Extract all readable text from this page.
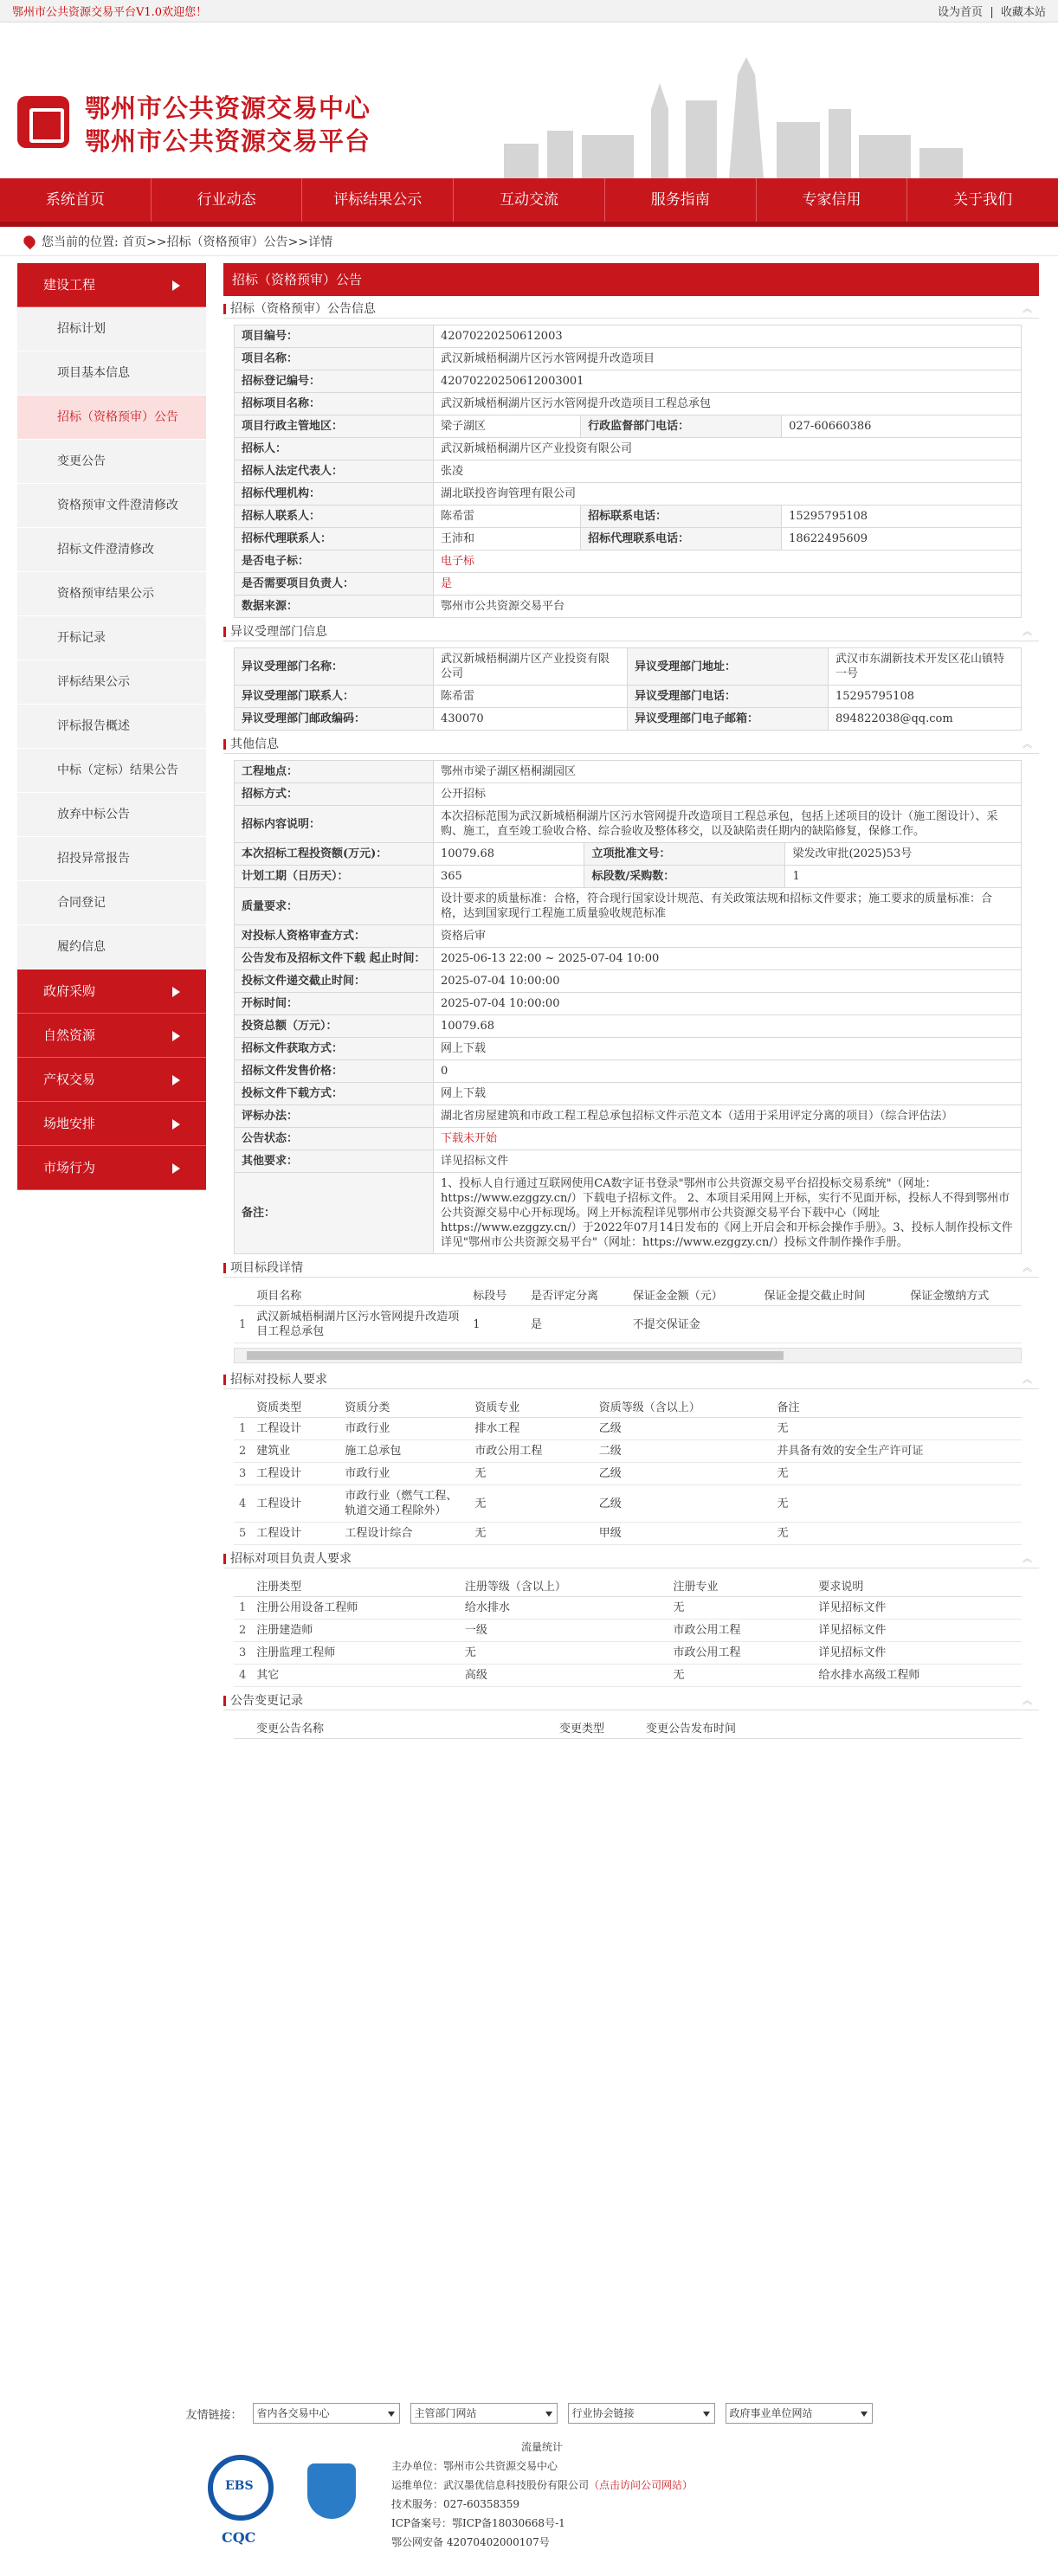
鄂州市公共资源交易平台V1.0欢迎您！	设为首页  |  收藏本站
鄂州市公共资源交易中心
鄂州市公共资源交易平台
系统首页	行业动态	评标结果公示	互动交流	服务指南	专家信用	关于我们
您当前的位置: 首页>>招标（资格预审）公告>>详情
建设工程
招标计划
项目基本信息
招标（资格预审）公告
变更公告
资格预审文件澄清修改
招标文件澄清修改
资格预审结果公示
开标记录
评标结果公示
评标报告概述
中标（定标）结果公告
放弃中标公告
招投异常报告
合同登记
履约信息
政府采购
自然资源
产权交易
场地安排
市场行为
招标（资格预审）公告
招标（资格预审）公告信息	︽
项目编号：	4207022025061200​3		
项目名称：	武汉新城梧桐湖片区污水管网提升改造项目		
招标登记编号：	420702202506120030​01		
招标项目名称：	武汉新城梧桐湖片区污水管网提升改造项目工程总承包		
项目行政主管地区：	梁子湖区	行政监督部门电话：	027-60660386
招标人：	武汉新城梧桐湖片区产业投资有限公司		
招标人法定代表人：	张凌		
招标代理机构：	湖北联投咨询管理有限公司		
招标人联系人：	陈希雷	招标联系电话：	15295795108
招标代理联系人：	王沛和	招标代理联系电话：	18622495609
是否电子标：	电子标		
是否需要项目负责人：	是		
数据来源：	鄂州市公共资源交易平台		
异议受理部门信息	︽
异议受理部门名称：	武汉新城梧桐湖片区产业投资有限公司	异议受理部门地址：	武汉市东湖新技术开发区花山镇特一号
异议受理部门联系人：	陈希雷	异议受理部门电话：	15295795108
异议受理部门邮政编码：	430070	异议受理部门电子邮箱：	894822038@qq.com
其他信息	︽
工程地点：	鄂州市梁子湖区梧桐湖园区		
招标方式：	公开招标		
招标内容说明：	本次招标范围为武汉新城梧桐湖片区污水管网提升改造项目工程总承包，包括上述项目的设计（施工图设计）、采购、施工，直至竣工验收合格、综合验收及整体移交，以及缺陷责任期内的缺陷修复，保修工作。		
本次招标工程投资额(万元)：	10079.68	立项批准文号：	梁发改审批(2025)53号
计划工期（日历天）：	365	标段数/采购数：	1
质量要求：	设计要求的质量标准：合格，符合现行国家设计规范、有关政策法规和招标文件要求；施工要求的质量标准：合格，达到国家现行工程施工质量验收规范标准		
对投标人资格审查方式：	资格后审		
公告发布及招标文件下载 起止时间：	2025-06-13 22:00 ~ 2025-07-04 10:00		
投标文件递交截止时间：	2025-07-04 10:00:00		
开标时间：	2025-07-04 10:00:00		
投资总额（万元）：	10079.68		
招标文件获取方式：	网上下载		
招标文件发售价格：	0		
投标文件下载方式：	网上下载		
评标办法：	湖北省房屋建筑和市政工程工程总承包招标文件示范文本（适用于采用评定分离的项目）（综合评估法）		
公告状态：	下载未开始		
其他要求：	详见招标文件		
备注：	1、投标人自行通过互联网使用CA数字证书登录"鄂州市公共资源交易平台招投标交易系统"（网址：https://www.ezggzy.cn/）下载电子招标文件。 2、本项目采用网上开标，实行不见面开标，投标人不得到鄂州市公共资源交易中心开标现场。网上开标流程详见鄂州市公共资源交易平台下载中心（网址https://www.ezggzy.cn/）于2022年07月14日发布的《网上开启会和开标会操作手册》。3、投标人制作投标文件详见"鄂州市公共资源交易平台"（网址：https://www.ezggzy.cn/）投标文件制作操作手册。		
项目标段详情	︽
	项目名称	标段号	是否评定分离	保证金金额（元）	保证金提交截止时间	保证金缴纳方式
1	武汉新城梧桐湖片区污水管网提升改造项目工程总承包	1	是	不提交保证金		
招标对投标人要求	︽
	资质类型	资质分类	资质专业	资质等级（含以上）	备注
1	工程设计	市政行业	排水工程	乙级	无
2	建筑业	施工总承包	市政公用工程	二级	并具备有效的安全生产许可证
3	工程设计	市政行业	无	乙级	无
4	工程设计	市政行业（燃气工程、轨道交通工程除外）	无	乙级	无
5	工程设计	工程设计综合	无	甲级	无
招标对项目负责人要求	︽
	注册类型	注册等级（含以上）	注册专业	要求说明
1	注册公用设备工程师	给水排水	无	详见招标文件
2	注册建造师	一级	市政公用工程	详见招标文件
3	注册监理工程师	无	市政公用工程	详见招标文件
4	其它	高级	无	给水排水高级工程师
公告变更记录	︽
	变更公告名称	变更类型	变更公告发布时间
友情链接：	省内各交易中心	主管部门网站	行业协会链接	政府事业单位网站
EBS
CQC
流量统计
主办单位：鄂州市公共资源交易中心
运维单位：武汉墨优信息科技股份有限公司（点击访问公司网站）
技术服务：027-60358359
ICP备案号：鄂ICP备18030668号-1
鄂公网安备 42070402000107号
